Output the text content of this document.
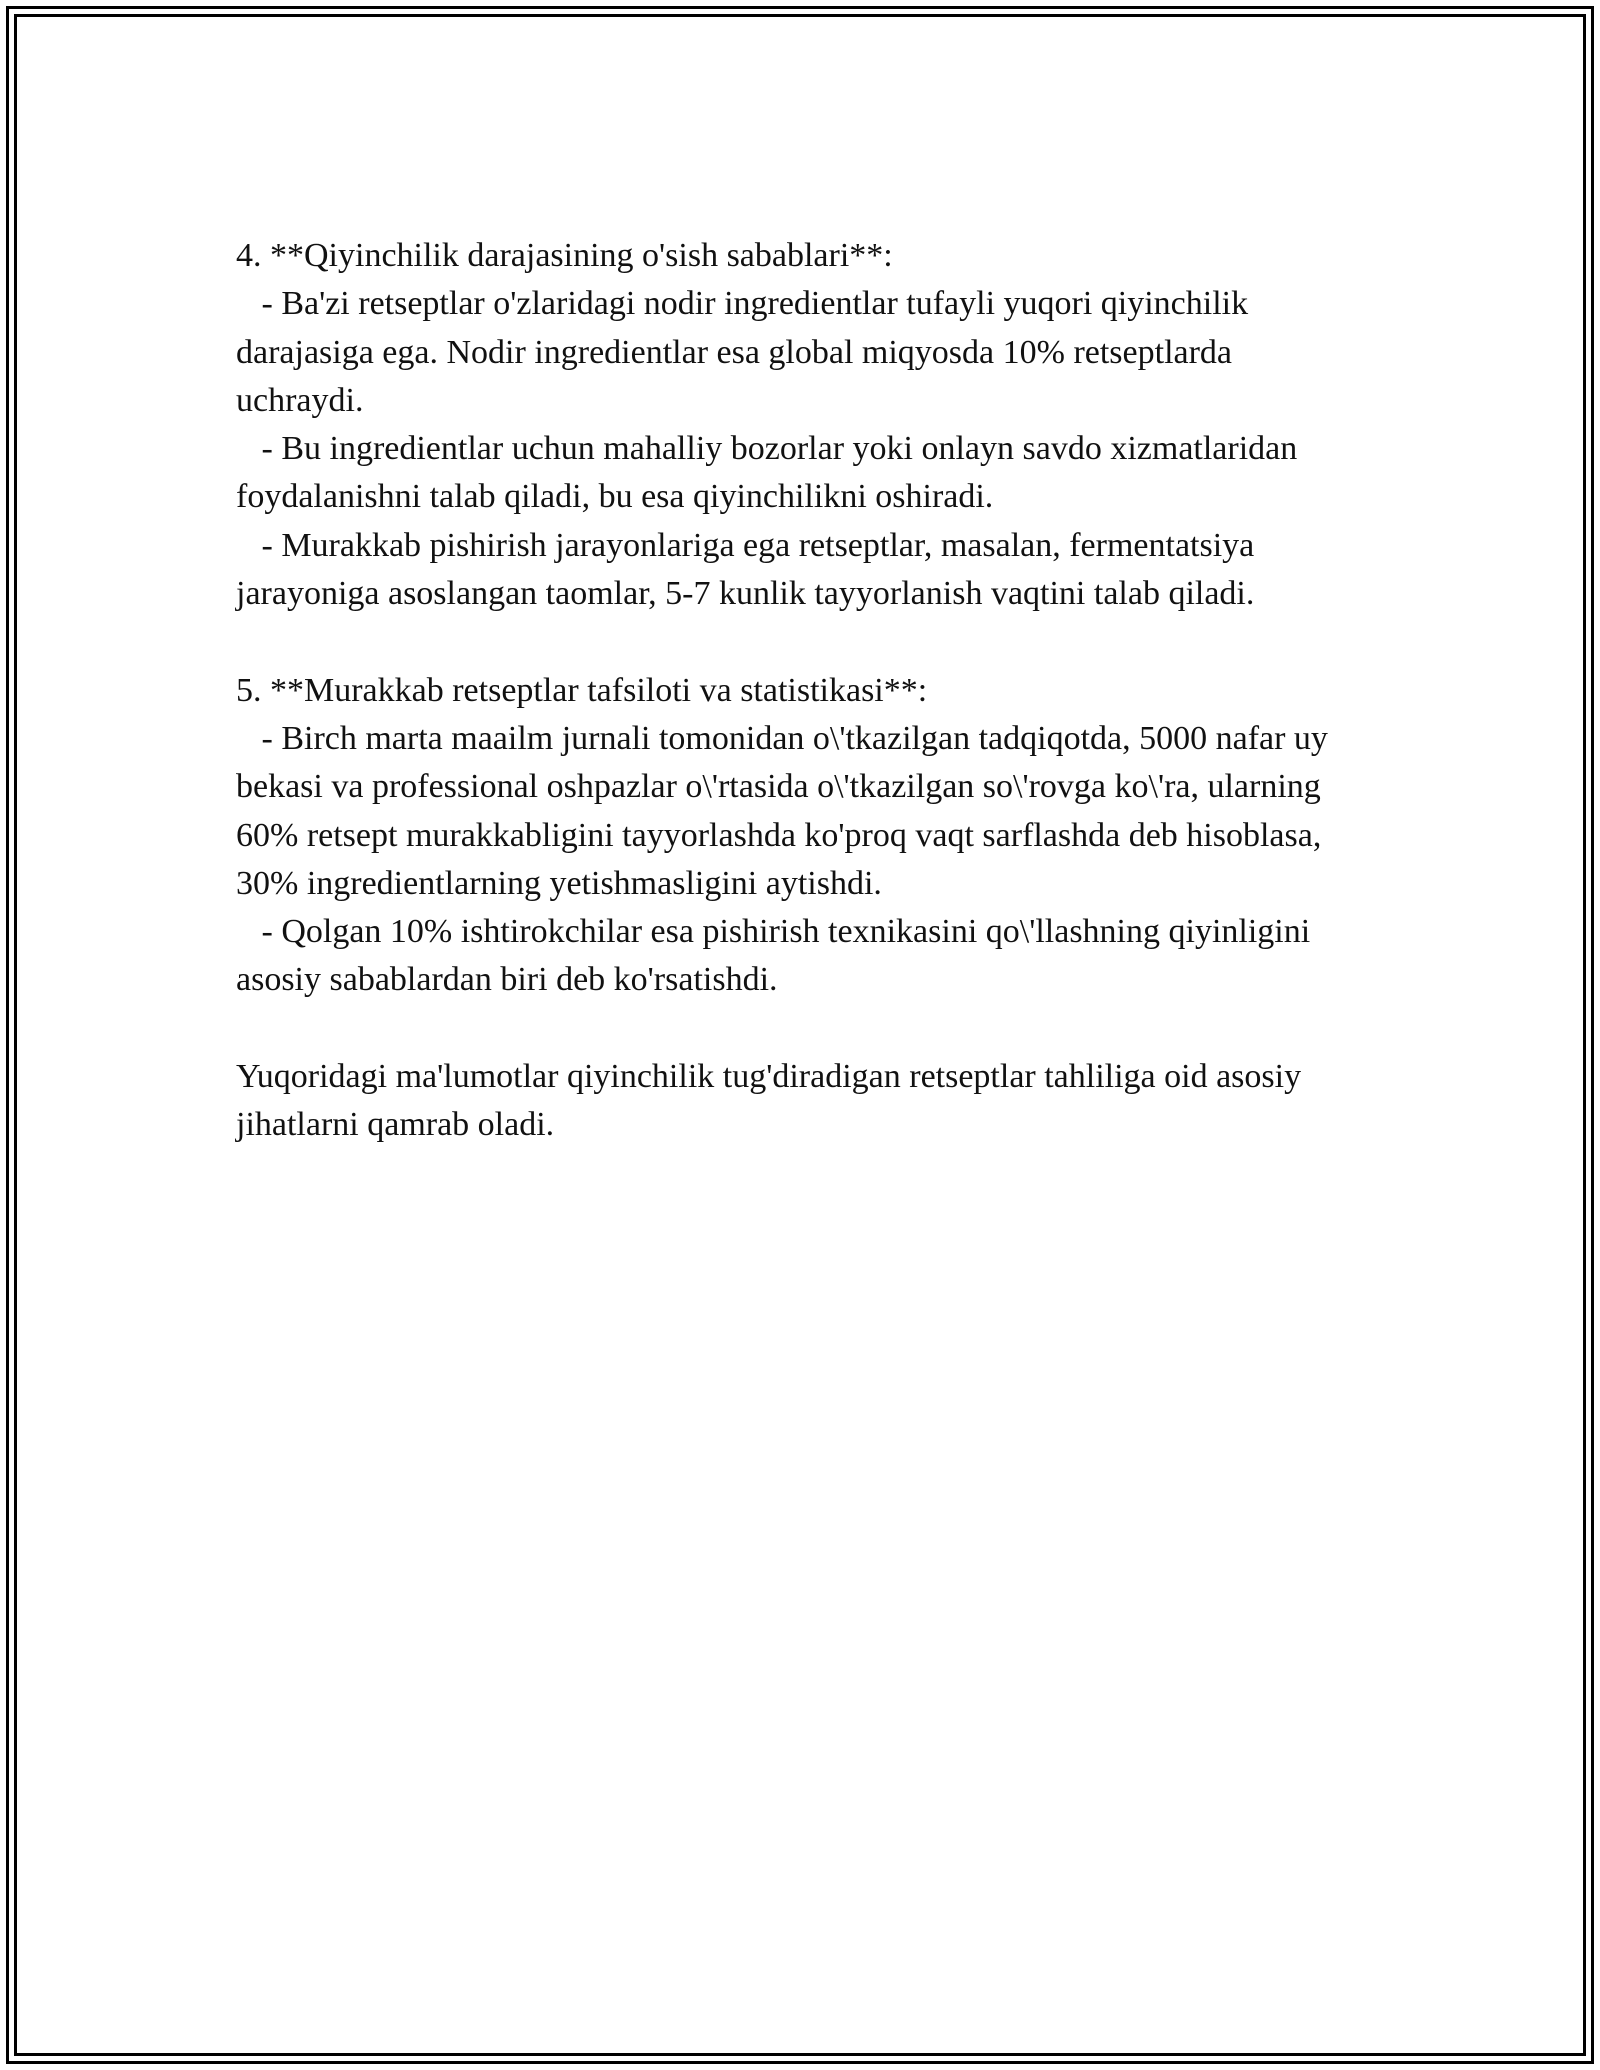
4. **Qiyinchilik darajasining o'sish sabablari**:

- Ba'zi retseptlar o'zlaridagi nodir ingredientlar tufayli yuqori qiyinchilik darajasiga ega. Nodir ingredientlar esa global miqyosda 10% retseptlarda uchraydi.

- Bu ingredientlar uchun mahalliy bozorlar yoki onlayn savdo xizmatlaridan foydalanishni talab qiladi, bu esa qiyinchilikni oshiradi.

- Murakkab pishirish jarayonlariga ega retseptlar, masalan, fermentatsiya jarayoniga asoslangan taomlar, 5-7 kunlik tayyorlanish vaqtini talab qiladi.

5. **Murakkab retseptlar tafsiloti va statistikasi**:

- Birch marta maailm jurnali tomonidan o\'tkazilgan tadqiqotda, 5000 nafar uy bekasi va professional oshpazlar o\'rtasida o\'tkazilgan so\'rovga ko\'ra, ularning 60% retsept murakkabligini tayyorlashda ko'proq vaqt sarflashda deb hisoblasa, 30% ingredientlarning yetishmasligini aytishdi.

- Qolgan 10% ishtirokchilar esa pishirish texnikasini qo\'llashning qiyinligini asosiy sabablardan biri deb ko'rsatishdi.

Yuqoridagi ma'lumotlar qiyinchilik tug'diradigan retseptlar tahliliga oid asosiy jihatlarni qamrab oladi.
